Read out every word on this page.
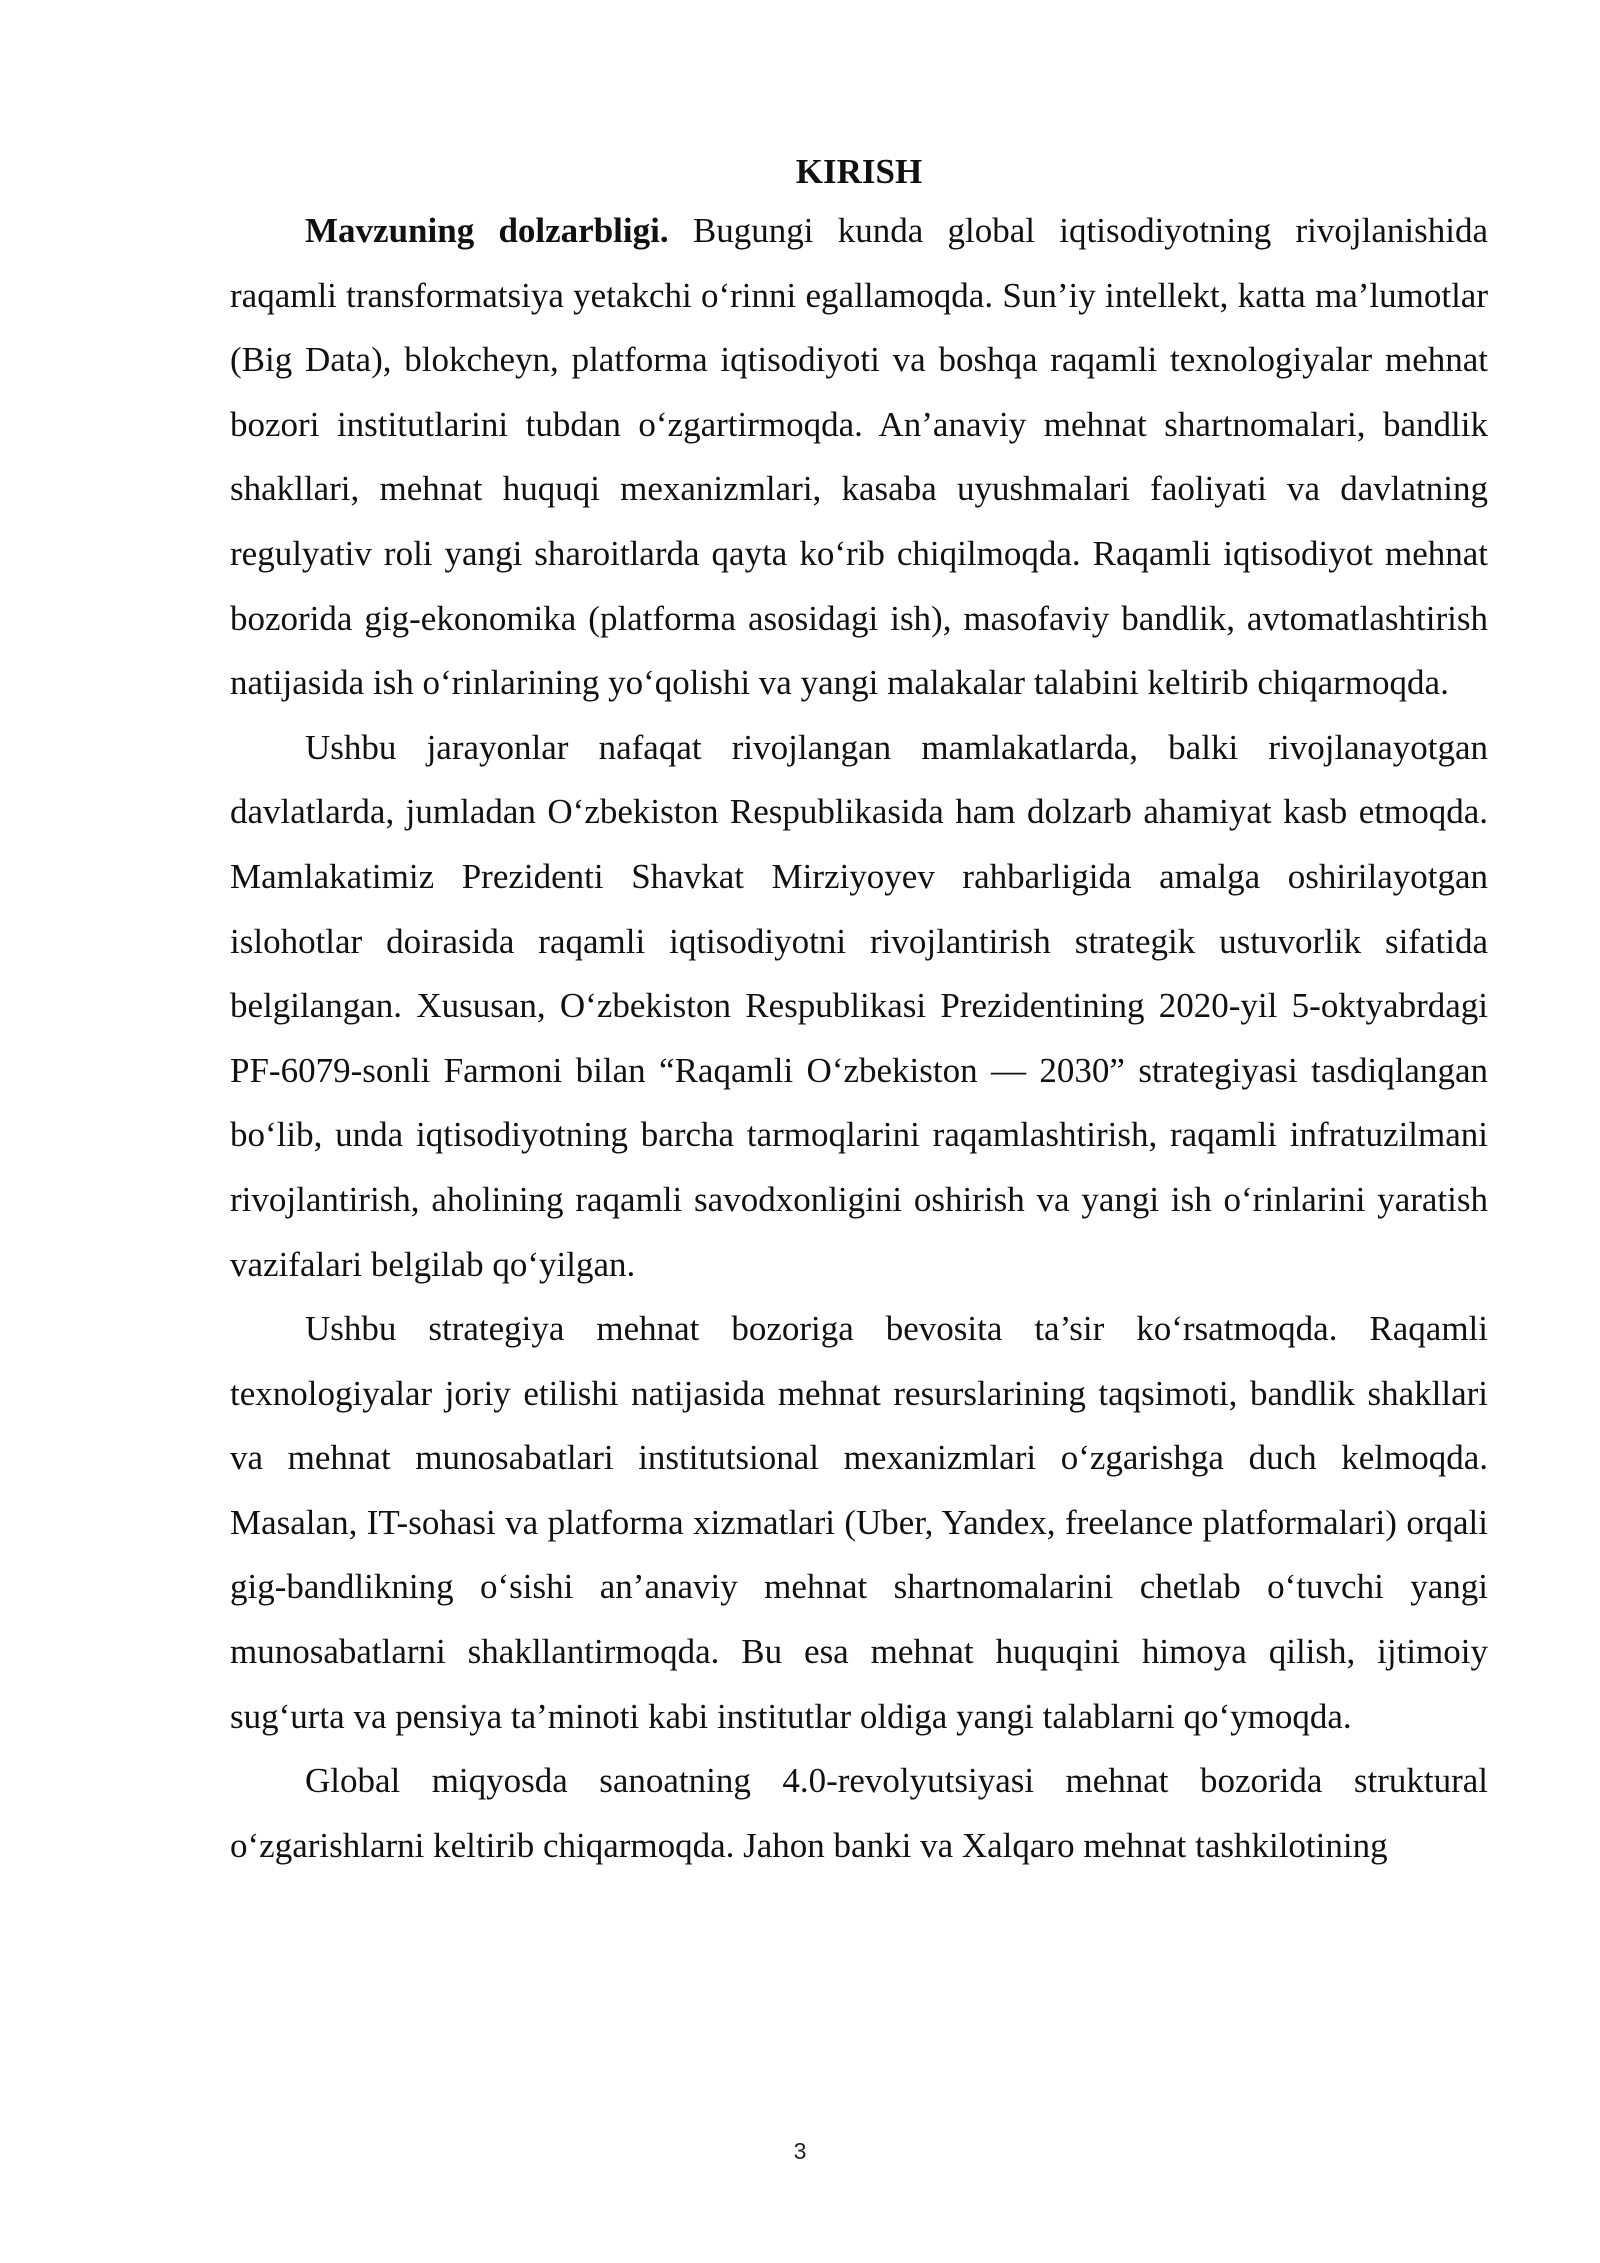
KIRISH

Mavzuning dolzarbligi. Bugungi kunda global iqtisodiyotning rivojlanishida raqamli transformatsiya yetakchi o‘rinni egallamoqda. Sun’iy intellekt, katta ma’lumotlar (Big Data), blokcheyn, platforma iqtisodiyoti va boshqa raqamli texnologiyalar mehnat bozori institutlarini tubdan o‘zgartirmoqda. An’anaviy mehnat shartnomalari, bandlik shakllari, mehnat huquqi mexanizmlari, kasaba uyushmalari faoliyati va davlatning regulyativ roli yangi sharoitlarda qayta ko‘rib chiqilmoqda. Raqamli iqtisodiyot mehnat bozorida gig-ekonomika (platforma asosidagi ish), masofaviy bandlik, avtomatlashtirish natijasida ish o‘rinlarining yo‘qolishi va yangi malakalar talabini keltirib chiqarmoqda.

Ushbu jarayonlar nafaqat rivojlangan mamlakatlarda, balki rivojlanayotgan davlatlarda, jumladan O‘zbekiston Respublikasida ham dolzarb ahamiyat kasb etmoqda. Mamlakatimiz Prezidenti Shavkat Mirziyoyev rahbarligida amalga oshirilayotgan islohotlar doirasida raqamli iqtisodiyotni rivojlantirish strategik ustuvorlik sifatida belgilangan. Xususan, O‘zbekiston Respublikasi Prezidentining 2020-yil 5-oktyabrdagi PF-6079-sonli Farmoni bilan “Raqamli O‘zbekiston — 2030” strategiyasi tasdiqlangan bo‘lib, unda iqtisodiyotning barcha tarmoqlarini raqamlashtirish, raqamli infratuzilmani rivojlantirish, aholining raqamli savodxonligini oshirish va yangi ish o‘rinlarini yaratish vazifalari belgilab qo‘yilgan.

Ushbu strategiya mehnat bozoriga bevosita ta’sir ko‘rsatmoqda. Raqamli texnologiyalar joriy etilishi natijasida mehnat resurslarining taqsimoti, bandlik shakllari va mehnat munosabatlari institutsional mexanizmlari o‘zgarishga duch kelmoqda. Masalan, IT-sohasi va platforma xizmatlari (Uber, Yandex, freelance platformalari) orqali gig-bandlikning o‘sishi an’anaviy mehnat shartnomalarini chetlab o‘tuvchi yangi munosabatlarni shakllantirmoqda. Bu esa mehnat huquqini himoya qilish, ijtimoiy sug‘urta va pensiya ta’minoti kabi institutlar oldiga yangi talablarni qo‘ymoqda.

Global miqyosda sanoatning 4.0-revolyutsiyasi mehnat bozorida struktural o‘zgarishlarni keltirib chiqarmoqda. Jahon banki va Xalqaro mehnat tashkilotining

3
